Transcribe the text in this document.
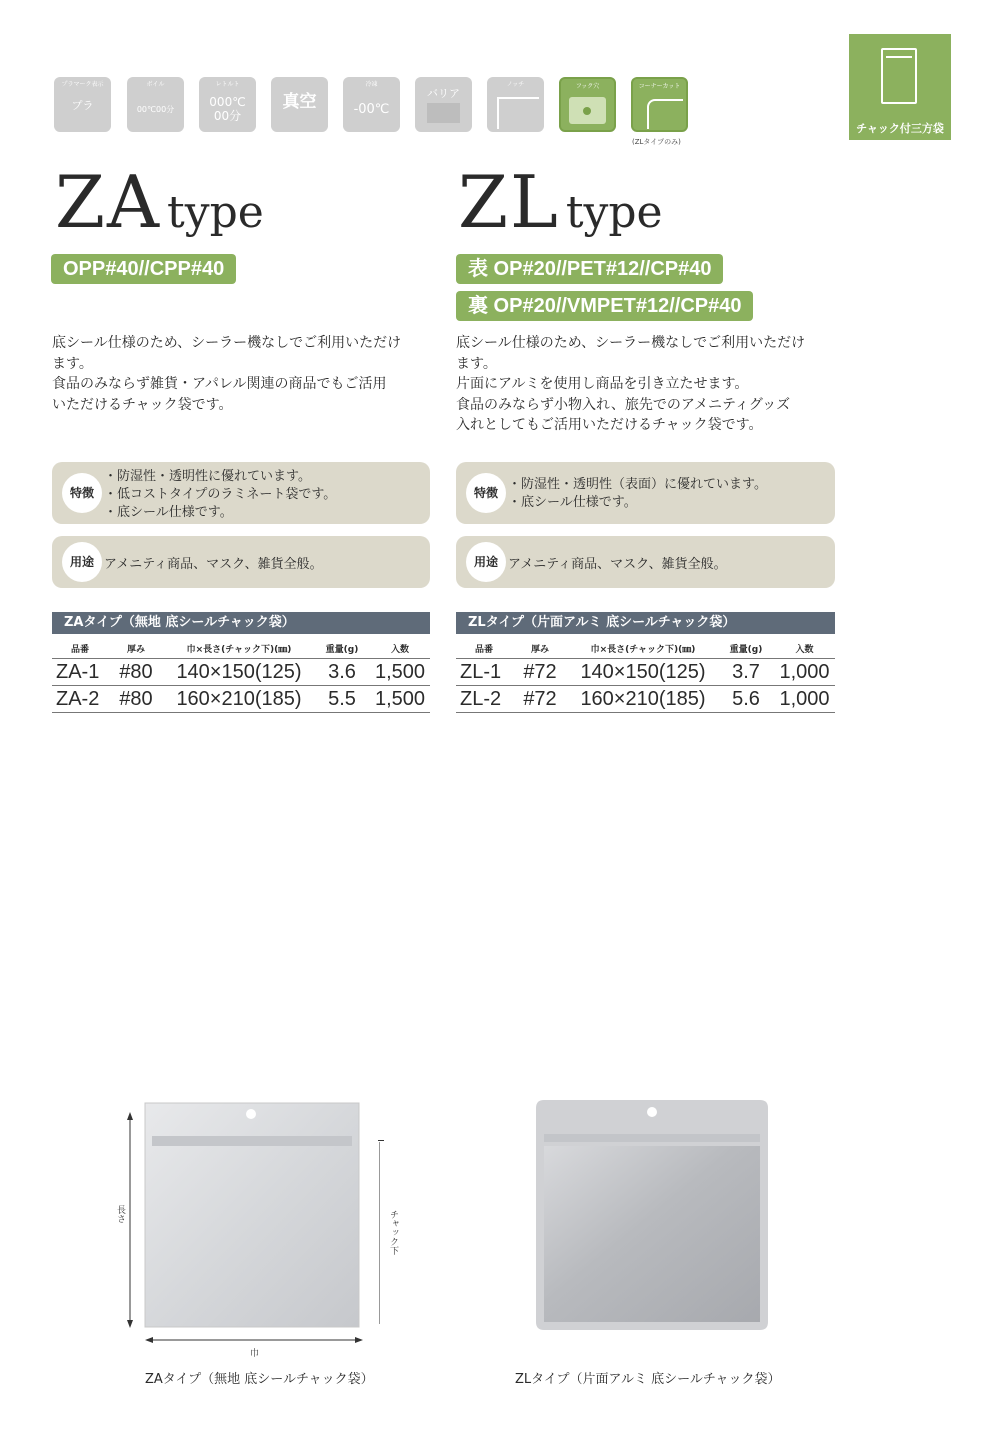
プラマーク表示
プラ
ボイル
00℃00分
レトルト
000℃
00分
真空
冷凍
-00℃
バリア
ノッチ	フック穴	コーナーカット
(ZLタイプのみ)
チャック付三方袋
ZA type
OPP#40//CPP#40
底シール仕様のため、シーラー機なしでご利用いただけ
ます。
食品のみならず雑貨・アパレル関連の商品でもご活用
いただけるチャック袋です。
特徴
・防湿性・透明性に優れています。
・低コストタイプのラミネート袋です。
・底シール仕様です。
用途 アメニティ商品、マスク、雑貨全般。
ZAタイプ（無地 底シールチャック袋）
品番	厚み	巾×長さ(チャック下)(㎜)	重量(g)	入数
ZA-1	#80	140×150(125)	3.6	1,500
ZA-2	#80	160×210(185)	5.5	1,500
ZL type
表 OP#20//PET#12//CP#40
裏 OP#20//VMPET#12//CP#40
底シール仕様のため、シーラー機なしでご利用いただけ
ます。
片面にアルミを使用し商品を引き立たせます。
食品のみならず小物入れ、旅先でのアメニティグッズ
入れとしてもご活用いただけるチャック袋です。
特徴
・防湿性・透明性（表面）に優れています。
・底シール仕様です。
用途 アメニティ商品、マスク、雑貨全般。
ZLタイプ（片面アルミ 底シールチャック袋）
品番	厚み	巾×長さ(チャック下)(㎜)	重量(g)	入数
ZL-1	#72	140×150(125)	3.7	1,000
ZL-2	#72	160×210(185)	5.6	1,000
長さ	チャック下
巾
ZAタイプ（無地 底シールチャック袋）	ZLタイプ（片面アルミ 底シールチャック袋）
